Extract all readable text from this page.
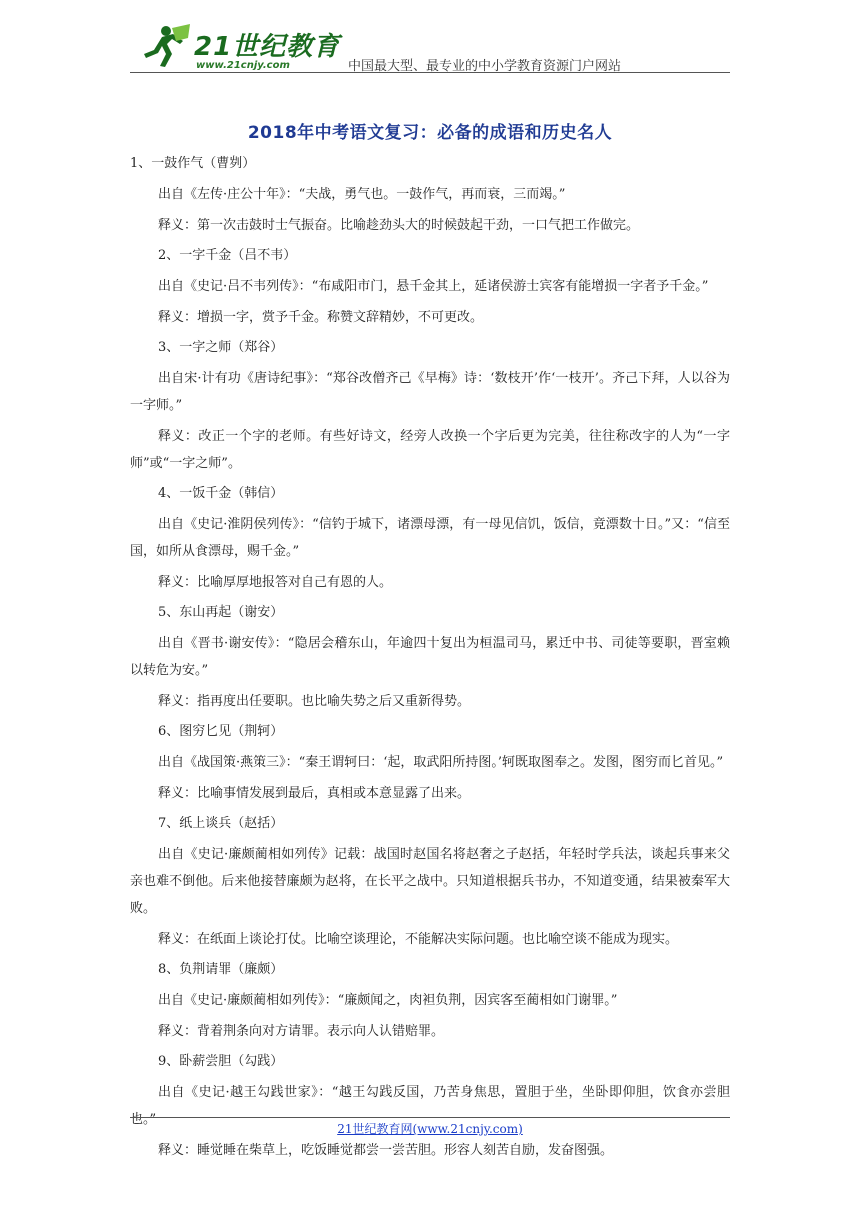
21世纪教育
www.21cnjy.com	中国最大型、最专业的中小学教育资源门户网站
2018年中考语文复习：必备的成语和历史名人
1、一鼓作气（曹刿）
出自《左传·庄公十年》：“夫战，勇气也。一鼓作气，再而衰，三而竭。”
释义：第一次击鼓时士气振奋。比喻趁劲头大的时候鼓起干劲，一口气把工作做完。
2、一字千金（吕不韦）
出自《史记·吕不韦列传》：“布咸阳市门，悬千金其上，延诸侯游士宾客有能增损一字者予千金。”
释义：增损一字，赏予千金。称赞文辞精妙，不可更改。
3、一字之师（郑谷）
出自宋·计有功《唐诗纪事》：“郑谷改僧齐己《早梅》诗：‘数枝开’作‘一枝开’。齐己下拜，人以谷为一字师。”
释义：改正一个字的老师。有些好诗文，经旁人改换一个字后更为完美，往往称改字的人为“一字师”或“一字之师”。
4、一饭千金（韩信）
出自《史记·淮阴侯列传》：“信钓于城下，诸漂母漂，有一母见信饥，饭信，竟漂数十日。”又：“信至国，如所从食漂母，赐千金。”
释义：比喻厚厚地报答对自己有恩的人。
5、东山再起（谢安）
出自《晋书·谢安传》：“隐居会稽东山，年逾四十复出为桓温司马，累迁中书、司徒等要职，晋室赖以转危为安。”
释义：指再度出任要职。也比喻失势之后又重新得势。
6、图穷匕见（荆轲）
出自《战国策·燕策三》：“秦王谓轲曰：‘起，取武阳所持图。’轲既取图奉之。发图，图穷而匕首见。”
释义：比喻事情发展到最后，真相或本意显露了出来。
7、纸上谈兵（赵括）
出自《史记·廉颇蔺相如列传》记载：战国时赵国名将赵奢之子赵括，年轻时学兵法，谈起兵事来父亲也难不倒他。后来他接替廉颇为赵将，在长平之战中。只知道根据兵书办，不知道变通，结果被秦军大败。
释义：在纸面上谈论打仗。比喻空谈理论，不能解决实际问题。也比喻空谈不能成为现实。
8、负荆请罪（廉颇）
出自《史记·廉颇蔺相如列传》：“廉颇闻之，肉袒负荆，因宾客至蔺相如门谢罪。”
释义：背着荆条向对方请罪。表示向人认错赔罪。
9、卧薪尝胆（勾践）
出自《史记·越王勾践世家》：“越王勾践反国，乃苦身焦思，置胆于坐，坐卧即仰胆，饮食亦尝胆也。”
释义：睡觉睡在柴草上，吃饭睡觉都尝一尝苦胆。形容人刻苦自励，发奋图强。
21世纪教育网(www.21cnjy.com)
